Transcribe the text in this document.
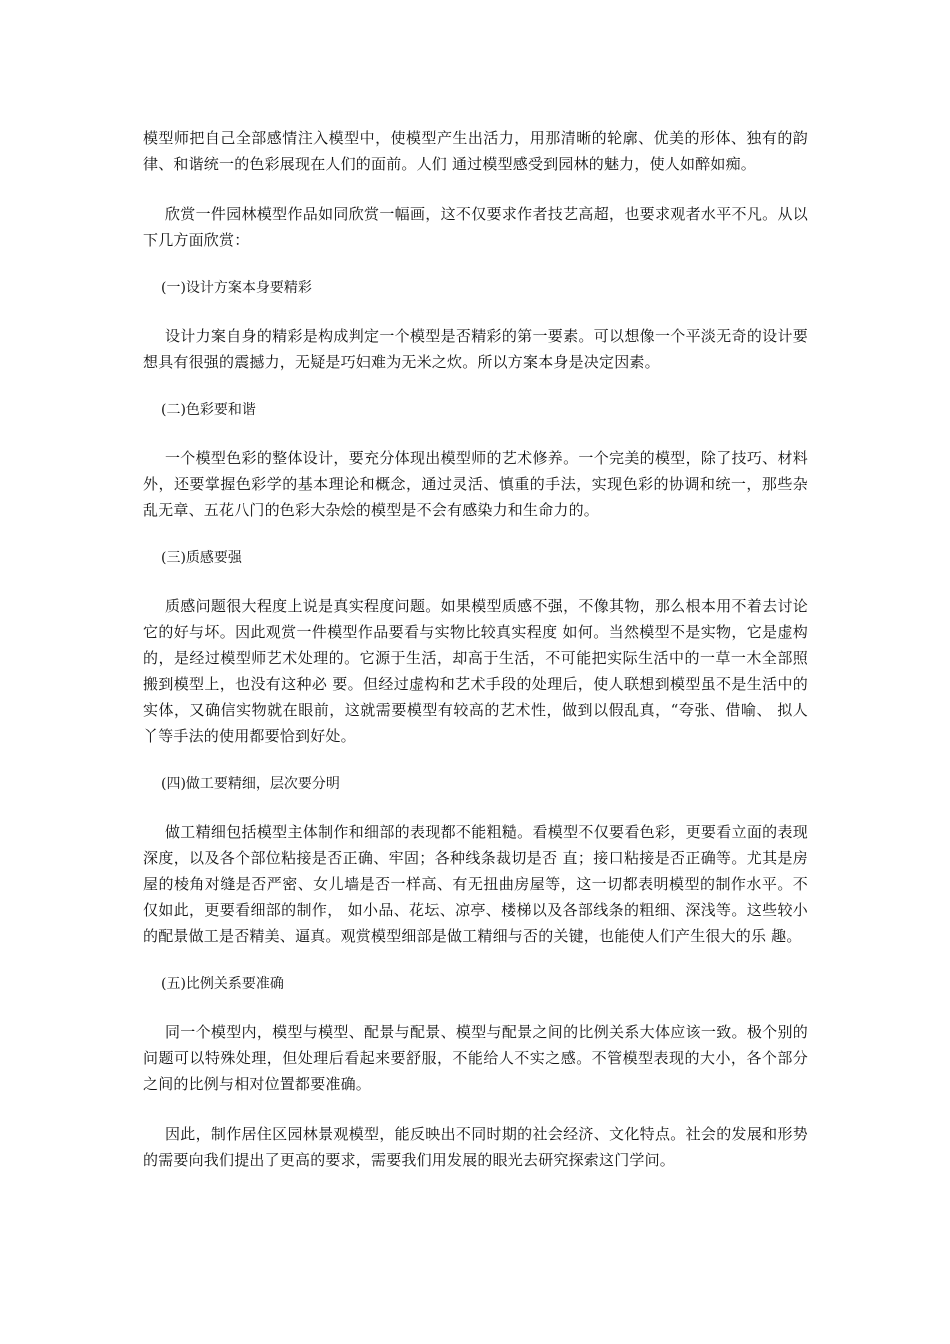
模型师把自己全部感情注入模型中，使模型产生出活力，用那清晰的轮廓、优美的形体、独有的韵律、和谐统一的色彩展现在人们的面前。人们 通过模型感受到园林的魅力，使人如醉如痴。

欣赏一件园林模型作品如同欣赏一幅画，这不仅要求作者技艺高超，也要求观者水平不凡。从以下几方面欣赏：

(一)设计方案本身要精彩

设计力案自身的精彩是构成判定一个模型是否精彩的第一要素。可以想像一个平淡无奇的设计要想具有很强的震撼力，无疑是巧妇难为无米之炊。所以方案本身是决定因素。

(二)色彩要和谐

一个模型色彩的整体设计，要充分体现出模型师的艺术修养。一个完美的模型，除了技巧、材料外，还要掌握色彩学的基本理论和概念，通过灵活、慎重的手法，实现色彩的协调和统一，那些杂乱无章、五花八门的色彩大杂烩的模型是不会有感染力和生命力的。

(三)质感要强

质感问题很大程度上说是真实程度问题。如果模型质感不强，不像其物，那么根本用不着去讨论它的好与坏。因此观赏一件模型作品要看与实物比较真实程度 如何。当然模型不是实物，它是虚构的，是经过模型师艺术处理的。它源于生活，却高于生活，不可能把实际生活中的一草一木全部照搬到模型上，也没有这种必 要。但经过虚构和艺术手段的处理后，使人联想到模型虽不是生活中的实体，又确信实物就在眼前，这就需要模型有较高的艺术性，做到以假乱真，“夸张、借喻、 拟人丫等手法的使用都要恰到好处。

(四)做工要精细，层次要分明

做工精细包括模型主体制作和细部的表现都不能粗糙。看模型不仅要看色彩，更要看立面的表现深度，以及各个部位粘接是否正确、牢固；各种线条裁切是否 直；接口粘接是否正确等。尤其是房屋的棱角对缝是否严密、女儿墙是否一样高、有无扭曲房屋等，这一切都表明模型的制作水平。不仅如此，更要看细部的制作， 如小品、花坛、凉亭、楼梯以及各部线条的粗细、深浅等。这些较小的配景做工是否精美、逼真。观赏模型细部是做工精细与否的关键，也能使人们产生很大的乐 趣。

(五)比例关系要准确

同一个模型内，模型与模型、配景与配景、模型与配景之间的比例关系大体应该一致。极个别的问题可以特殊处理，但处理后看起来要舒服，不能给人不实之感。不管模型表现的大小，各个部分之间的比例与相对位置都要准确。

因此，制作居住区园林景观模型，能反映出不同时期的社会经济、文化特点。社会的发展和形势的需要向我们提出了更高的要求，需要我们用发展的眼光去研究探索这门学问。
